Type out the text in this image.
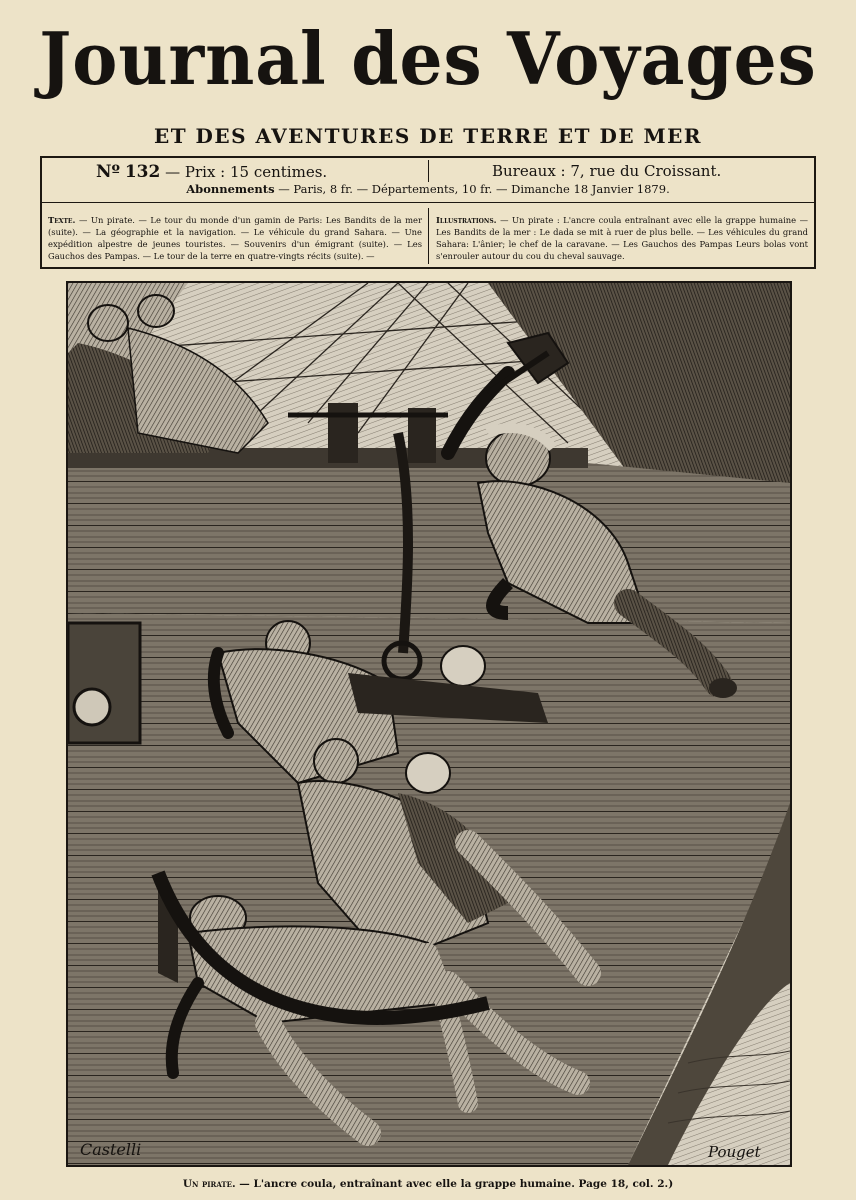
Journal des Voyages
ET DES AVENTURES DE TERRE ET DE MER
Nº 132 — Prix : 15 centimes.	Bureaux : 7, rue du Croissant.
Abonnements — Paris, 8 fr. — Départements, 10 fr. — Dimanche 18 Janvier 1879.
Texte. — Un pirate. — Le tour du monde d'un gamin de Paris: Les Bandits de la mer (suite). — La géographie et la navigation. — Le véhicule du grand Sahara. — Une expédition alpestre de jeunes touristes. — Souvenirs d'un émigrant (suite). — Les Gauchos des Pampas. — Le tour de la terre en quatre-vingts récits (suite). —
Illustrations. — Un pirate : L'ancre coula entraînant avec elle la grappe humaine — Les Bandits de la mer : Le dada se mit à ruer de plus belle. — Les véhicules du grand Sahara: L'ânier; le chef de la caravane. — Les Gauchos des Pampas Leurs bolas vont s'enrouler autour du cou du cheval sauvage.
Castelli	Pouget
Un pirate. — L'ancre coula, entraînant avec elle la grappe humaine. Page 18, col. 2.)
